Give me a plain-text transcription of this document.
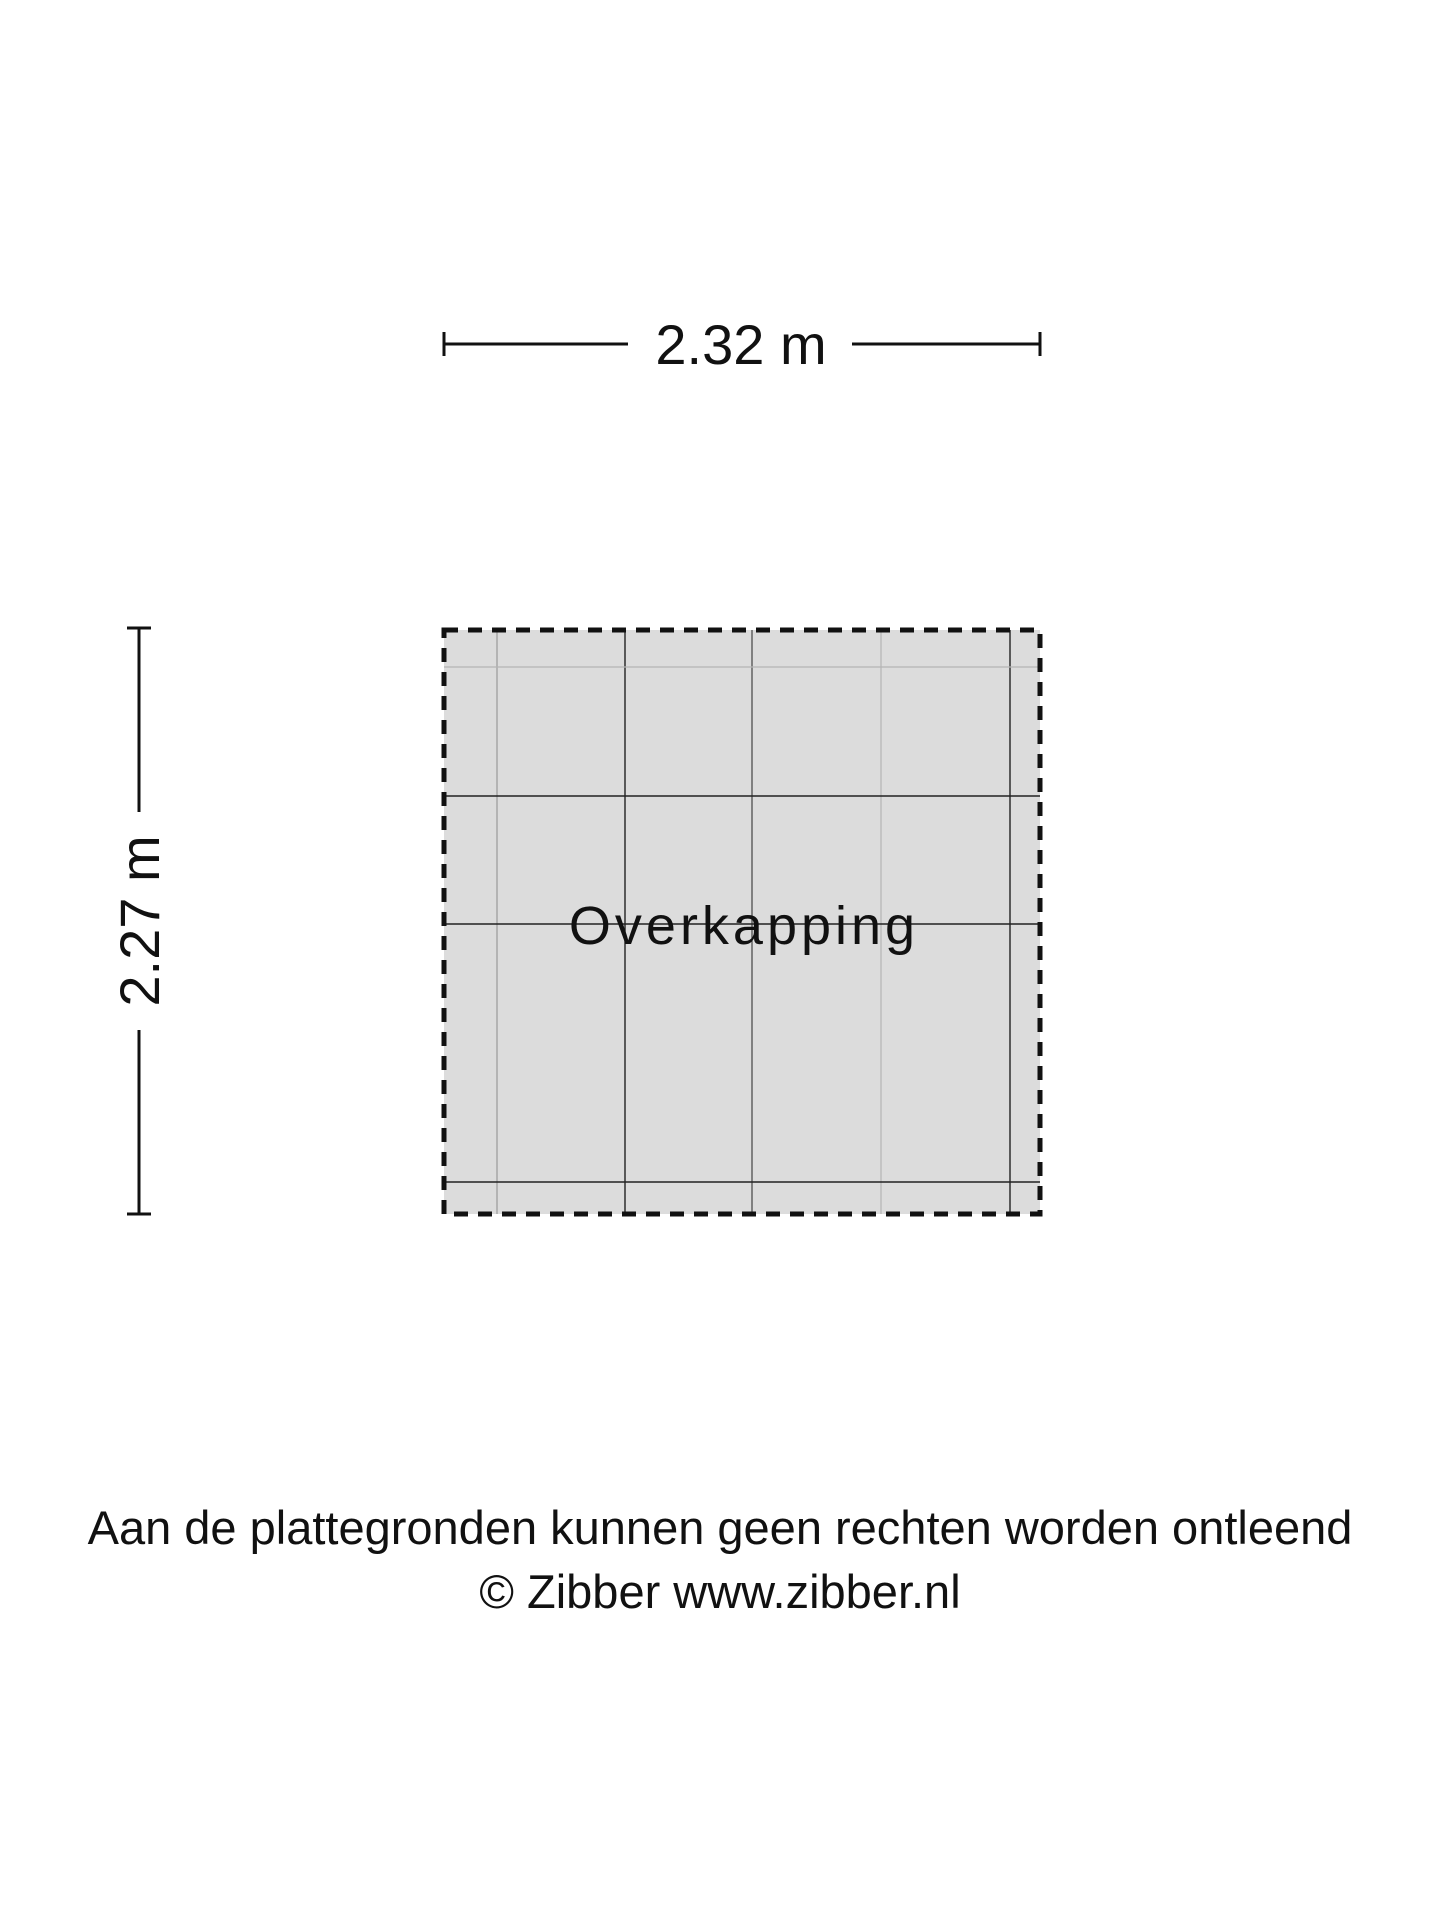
2.32 m
2.27 m	Overkapping
Aan de plattegronden kunnen geen rechten worden ontleend
© Zibber www.zibber.nl
